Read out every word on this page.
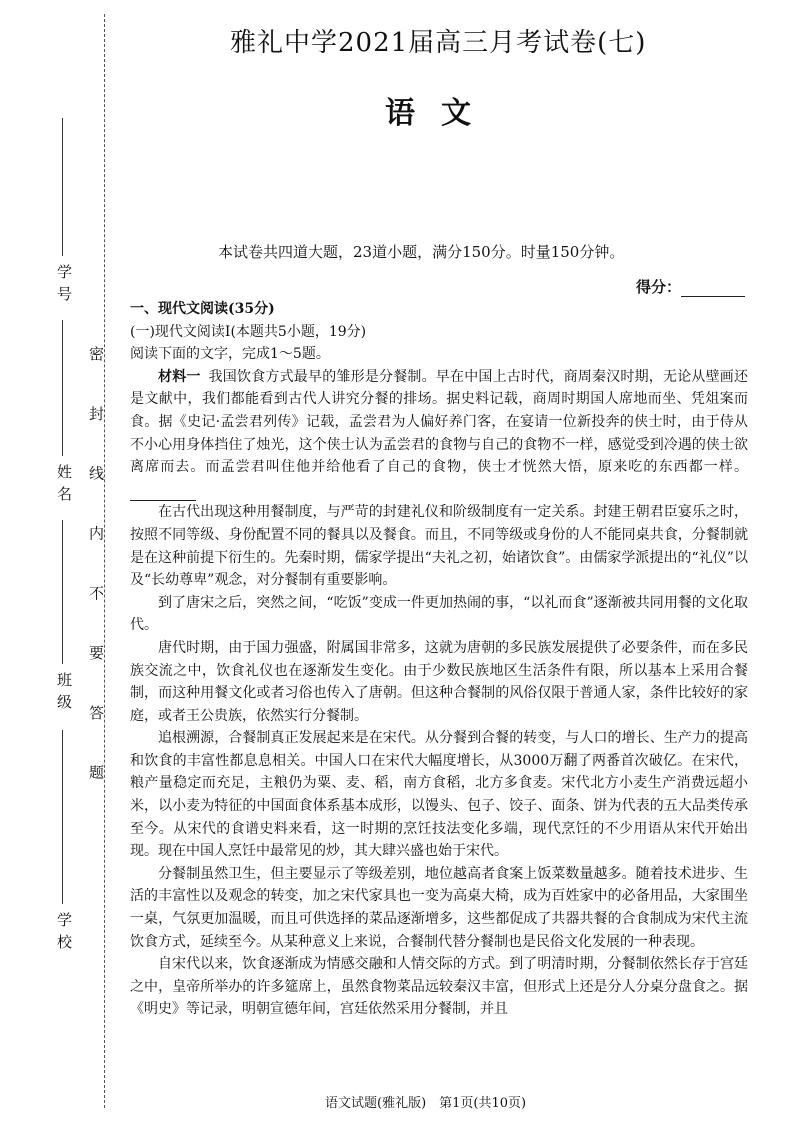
学 号
姓 名
班 级
学 校
密 封 线 内 不 要 答 题
雅礼中学2021届高三月考试卷(七)
语文
本试卷共四道大题，23道小题，满分150分。时量150分钟。
得分：

一、现代文阅读(35分)

(一)现代文阅读Ⅰ(本题共5小题，19分)

阅读下面的文字，完成1～5题。

材料一 我国饮食方式最早的雏形是分餐制。早在中国上古时代，商周秦汉时期，无论从壁画还是文献中，我们都能看到古代人讲究分餐的排场。据史料记载，商周时期国人席地而坐、凭俎案而食。据《史记·孟尝君列传》记载，孟尝君为人偏好养门客，在宴请一位新投奔的侠士时，由于侍从不小心用身体挡住了烛光，这个侠士认为孟尝君的食物与自己的食物不一样，感觉受到冷遇的侠士欲离席而去。而孟尝君叫住他并给他看了自己的食物，侠士才恍然大悟，原来吃的东西都一样。

在古代出现这种用餐制度，与严苛的封建礼仪和阶级制度有一定关系。封建王朝君臣宴乐之时，按照不同等级、身份配置不同的餐具以及餐食。而且，不同等级或身份的人不能同桌共食，分餐制就是在这种前提下衍生的。先秦时期，儒家学提出“夫礼之初，始诸饮食”。由儒家学派提出的“礼仪”以及“长幼尊卑”观念，对分餐制有重要影响。

到了唐宋之后，突然之间，“吃饭”变成一件更加热闹的事，“以礼而食”逐渐被共同用餐的文化取代。

唐代时期，由于国力强盛，附属国非常多，这就为唐朝的多民族发展提供了必要条件，而在多民族交流之中，饮食礼仪也在逐渐发生变化。由于少数民族地区生活条件有限，所以基本上采用合餐制，而这种用餐文化或者习俗也传入了唐朝。但这种合餐制的风俗仅限于普通人家，条件比较好的家庭，或者王公贵族，依然实行分餐制。

追根溯源，合餐制真正发展起来是在宋代。从分餐到合餐的转变，与人口的增长、生产力的提高和饮食的丰富性都息息相关。中国人口在宋代大幅度增长，从3000万翻了两番首次破亿。在宋代，粮产量稳定而充足，主粮仍为粟、麦、稻，南方食稻，北方多食麦。宋代北方小麦生产消费远超小米，以小麦为特征的中国面食体系基本成形，以馒头、包子、饺子、面条、饼为代表的五大品类传承至今。从宋代的食谱史料来看，这一时期的烹饪技法变化多端，现代烹饪的不少用语从宋代开始出现。现在中国人烹饪中最常见的炒，其大肆兴盛也始于宋代。

分餐制虽然卫生，但主要显示了等级差别，地位越高者食案上饭菜数量越多。随着技术进步、生活的丰富性以及观念的转变，加之宋代家具也一变为高桌大椅，成为百姓家中的必备用品，大家围坐一桌，气氛更加温暖，而且可供选择的菜品逐渐增多，这些都促成了共器共餐的合食制成为宋代主流饮食方式，延续至今。从某种意义上来说，合餐制代替分餐制也是民俗文化发展的一种表现。

自宋代以来，饮食逐渐成为情感交融和人情交际的方式。到了明清时期，分餐制依然长存于宫廷之中，皇帝所举办的许多筵席上，虽然食物菜品远较秦汉丰富，但形式上还是分人分桌分盘食之。据《明史》等记录，明朝宣德年间，宫廷依然采用分餐制，并且

语文试题(雅礼版)　第1页(共10页)
